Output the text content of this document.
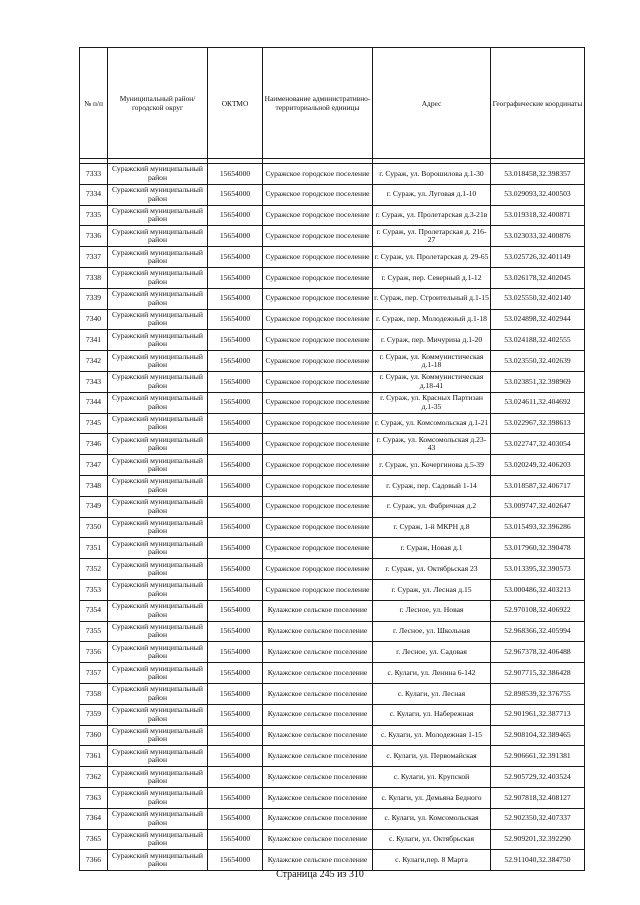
№ п/п	Муниципальный район/городской округ	ОКТМО	Наименование административно-территориальной единицы	Адрес	Географические координаты

7333	Суражский муниципальный район	15654000	Суражское городское поселение	г. Сураж, ул. Ворошилова д.1-30	53.018458,32.398357
7334	Суражский муниципальный район	15654000	Суражское городское поселение	г. Сураж, ул. Луговая д.1-10	53.029093,32.400503
7335	Суражский муниципальный район	15654000	Суражское городское поселение	г. Сураж, ул. Пролетарская д.3-21в	53.019318,32.400871
7336	Суражский муниципальный район	15654000	Суражское городское поселение	г. Сураж, ул. Пролетарская д. 216-27	53.023033,32.400876
7337	Суражский муниципальный район	15654000	Суражское городское поселение	г. Сураж, ул. Пролетарская д. 29-65	53.025726,32.401149
7338	Суражский муниципальный район	15654000	Суражское городское поселение	г. Сураж, пер. Северный д.1-12	53.026178,32.402045
7339	Суражский муниципальный район	15654000	Суражское городское поселение	г. Сураж, пер. Строительный д.1-15	53.025550,32.402140
7340	Суражский муниципальный район	15654000	Суражское городское поселение	г. Сураж, пер. Молодежный д.1-18	53.024898,32.402944
7341	Суражский муниципальный район	15654000	Суражское городское поселение	г. Сураж, пер. Мичурина д.1-20	53.024188,32.402555
7342	Суражский муниципальный район	15654000	Суражское городское поселение	г. Сураж, ул. Коммунистическая д.1-18	53.023550,32.402639
7343	Суражский муниципальный район	15654000	Суражское городское поселение	г. Сураж, ул. Коммунистическая д.18-41	53.023851,32.398969
7344	Суражский муниципальный район	15654000	Суражское городское поселение	г. Сураж, ул. Красных Партизан д.1-35	53.024611,32.404692
7345	Суражский муниципальный район	15654000	Суражское городское поселение	г. Сураж, ул. Комсомольская д.1-21	53.022967,32.398613
7346	Суражский муниципальный район	15654000	Суражское городское поселение	г. Сураж, ул. Комсомольская д.23-43	53.022747,32.403054
7347	Суражский муниципальный район	15654000	Суражское городское поселение	г. Сураж, ул. Кочергинова д.5-39	53.020249,32.406203
7348	Суражский муниципальный район	15654000	Суражское городское поселение	г. Сураж, пер. Садовый 1-14	53.018587,32.406717
7349	Суражский муниципальный район	15654000	Суражское городское поселение	г. Сураж, ул. Фабричная д.2	53.009747,32.402647
7350	Суражский муниципальный район	15654000	Суражское городское поселение	г. Сураж, 1-й МКРН д.8	53.015493,32.396286
7351	Суражский муниципальный район	15654000	Суражское городское поселение	г. Сураж, Новая д.1	53.017960,32.390478
7352	Суражский муниципальный район	15654000	Суражское городское поселение	г. Сураж, ул. Октябрьская 23	53.013395,32.390573
7353	Суражский муниципальный район	15654000	Суражское городское поселение	г. Сураж, ул. Лесная д.15	53.000486,32.403213
7354	Суражский муниципальный район	15654000	Кулажское сельское поселение	г. Лесное, ул. Новая	52.970108,32.406922
7355	Суражский муниципальный район	15654000	Кулажское сельское поселение	г. Лесное, ул. Школьная	52.968366,32.405994
7356	Суражский муниципальный район	15654000	Кулажское сельское поселение	г. Лесное, ул. Садовая	52.967378,32.406488
7357	Суражский муниципальный район	15654000	Кулажское сельское поселение	с. Кулаги, ул. Ленина 6-142	52.907715,32.386428
7358	Суражский муниципальный район	15654000	Кулажское сельское поселение	с. Кулаги, ул. Лесная	52.898539,32.376755
7359	Суражский муниципальный район	15654000	Кулажское сельское поселение	с. Кулаги, ул. Набережная	52.901961,32.387713
7360	Суражский муниципальный район	15654000	Кулажское сельское поселение	с. Кулаги, ул. Молодежная 1-15	52.908104,32.389465
7361	Суражский муниципальный район	15654000	Кулажское сельское поселение	с. Кулаги, ул. Первомайская	52.906661,32.391381
7362	Суражский муниципальный район	15654000	Кулажское сельское поселение	с. Кулаги, ул. Крупской	52.905729,32.403524
7363	Суражский муниципальный район	15654000	Кулажское сельское поселение	с. Кулаги, ул. Демьяна Бедного	52.907818,32.408127
7364	Суражский муниципальный район	15654000	Кулажское сельское поселение	с. Кулаги, ул. Комсомольская	52.902350,32.407337
7365	Суражский муниципальный район	15654000	Кулажское сельское поселение	с. Кулаги, ул. Октябрьская	52.909201,32.392290
7366	Суражский муниципальный район	15654000	Кулажское сельское поселение	с. Кулаги,пер. 8 Марта	52.911040,32.384750
Страница 245 из 310
